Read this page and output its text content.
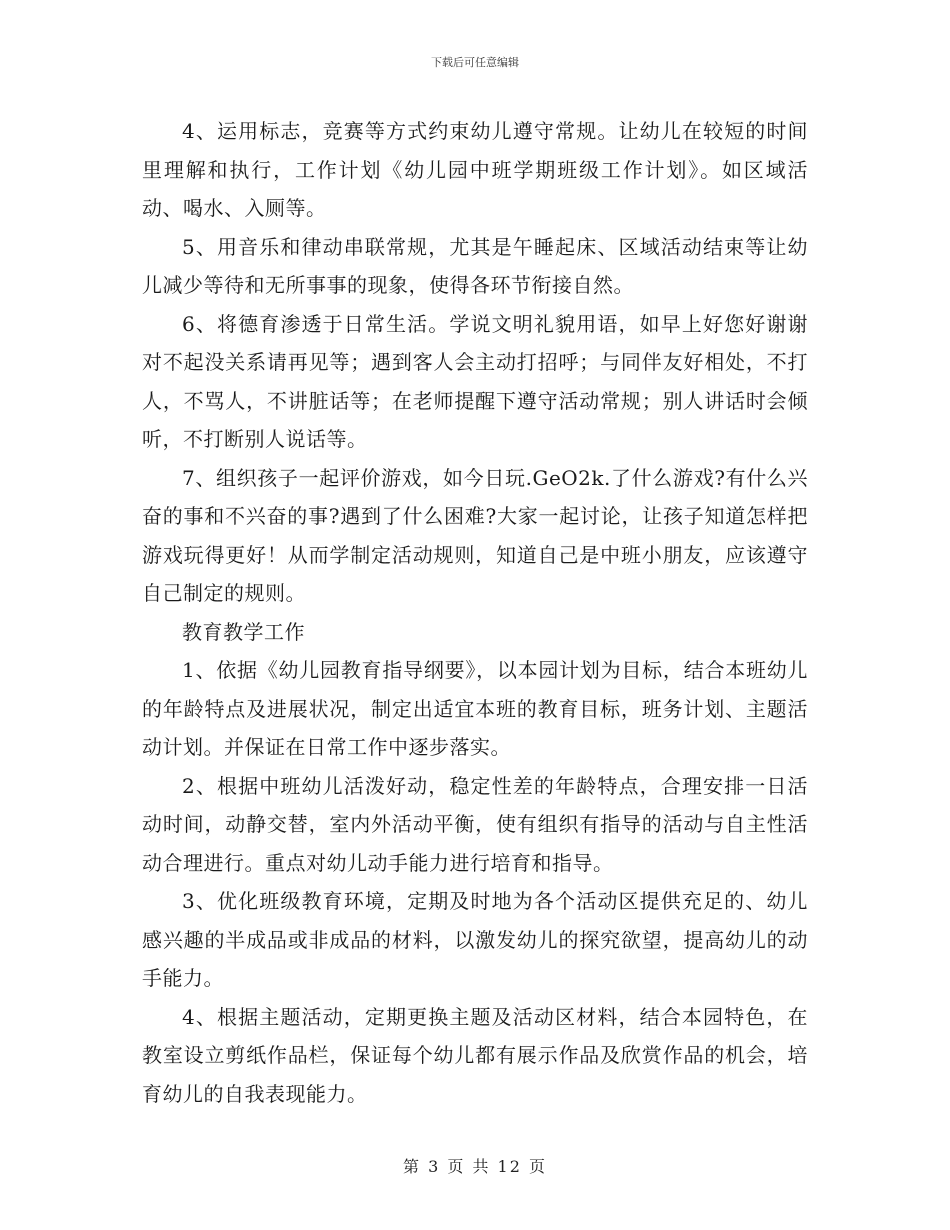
下载后可任意编辑

4、运用标志，竞赛等方式约束幼儿遵守常规。让幼儿在较短的时间里理解和执行，工作计划《幼儿园中班学期班级工作计划》。如区域活动、喝水、入厕等。

5、用音乐和律动串联常规，尤其是午睡起床、区域活动结束等让幼儿减少等待和无所事事的现象，使得各环节衔接自然。

6、将德育渗透于日常生活。学说文明礼貌用语，如早上好您好谢谢对不起没关系请再见等；遇到客人会主动打招呼；与同伴友好相处，不打人，不骂人，不讲脏话等；在老师提醒下遵守活动常规；别人讲话时会倾听，不打断别人说话等。

7、组织孩子一起评价游戏，如今日玩.GeO2k.了什么游戏?有什么兴奋的事和不兴奋的事?遇到了什么困难?大家一起讨论，让孩子知道怎样把游戏玩得更好！从而学制定活动规则，知道自己是中班小朋友，应该遵守自己制定的规则。

教育教学工作

1、依据《幼儿园教育指导纲要》，以本园计划为目标，结合本班幼儿的年龄特点及进展状况，制定出适宜本班的教育目标，班务计划、主题活动计划。并保证在日常工作中逐步落实。

2、根据中班幼儿活泼好动，稳定性差的年龄特点，合理安排一日活动时间，动静交替，室内外活动平衡，使有组织有指导的活动与自主性活动合理进行。重点对幼儿动手能力进行培育和指导。

3、优化班级教育环境，定期及时地为各个活动区提供充足的、幼儿感兴趣的半成品或非成品的材料，以激发幼儿的探究欲望，提高幼儿的动手能力。

4、根据主题活动，定期更换主题及活动区材料，结合本园特色，在教室设立剪纸作品栏，保证每个幼儿都有展示作品及欣赏作品的机会，培育幼儿的自我表现能力。

第 3 页 共 12 页
